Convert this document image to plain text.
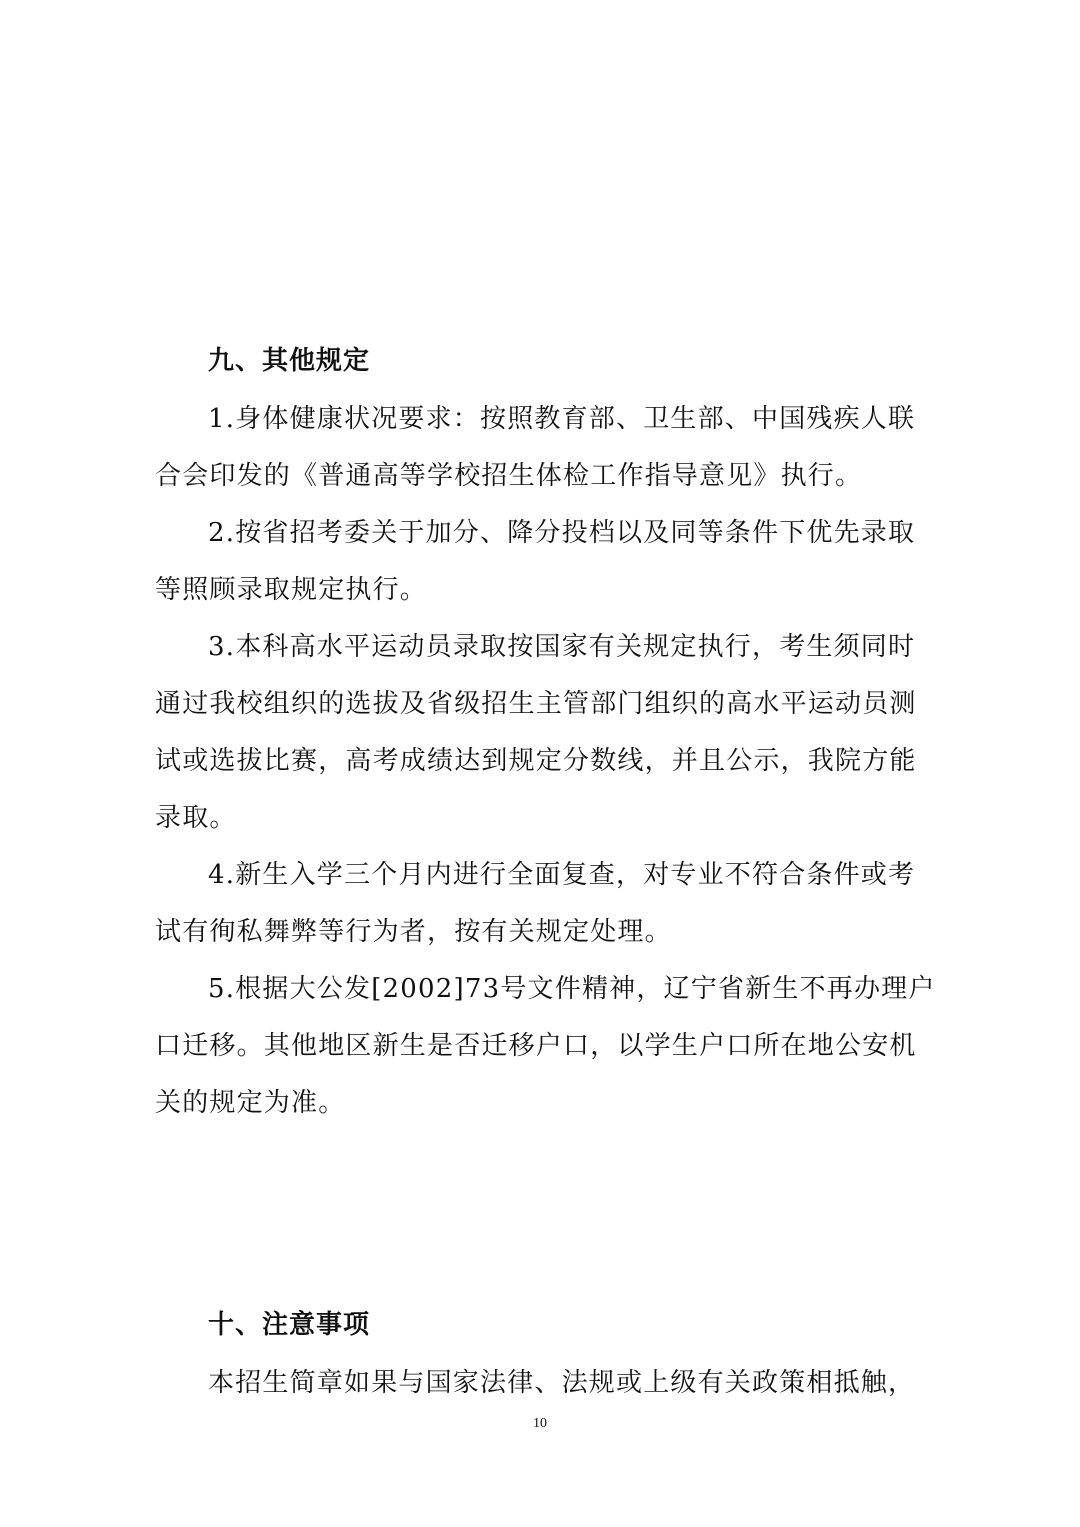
九、其他规定
1.身体健康状况要求：按照教育部、卫生部、中国残疾人联
合会印发的《普通高等学校招生体检工作指导意见》执行。
2.按省招考委关于加分、降分投档以及同等条件下优先录取
等照顾录取规定执行。
3.本科高水平运动员录取按国家有关规定执行，考生须同时
通过我校组织的选拔及省级招生主管部门组织的高水平运动员测
试或选拔比赛，高考成绩达到规定分数线，并且公示，我院方能
录取。
4.新生入学三个月内进行全面复查，对专业不符合条件或考
试有徇私舞弊等行为者，按有关规定处理。
5.根据大公发[2002]73号文件精神，辽宁省新生不再办理户
口迁移。其他地区新生是否迁移户口，以学生户口所在地公安机
关的规定为准。
十、注意事项
本招生简章如果与国家法律、法规或上级有关政策相抵触，
10
